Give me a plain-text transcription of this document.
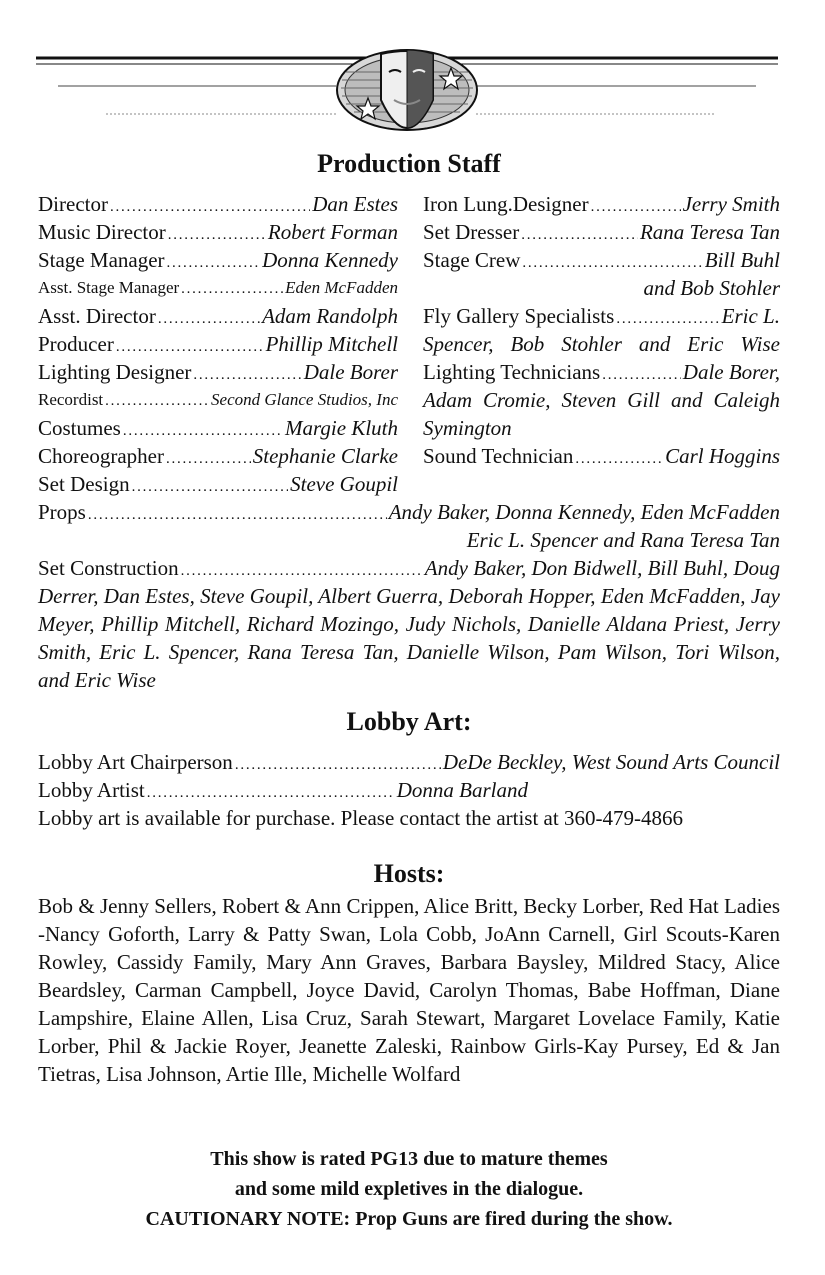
Production Staff
Director . . .	Dan Estes
Music Director . . .	Robert Forman
Stage Manager . . .	Donna Kennedy
Asst. Stage Manager . . .	Eden McFadden
Asst. Director . . .	Adam Randolph
Producer . . .	Phillip Mitchell
Lighting Designer . . .	Dale Borer
Recordist . . .	Second Glance Studios, Inc
Costumes . . .	Margie Kluth
Choreographer . . .	Stephanie Clarke
Set Design . . .	Steve Goupil
Iron Lung.Designer . . .	Jerry Smith
Set Dresser . . .	Rana Teresa Tan
Stage Crew . . .	Bill Buhl
and Bob Stohler
Fly Gallery Specialists . . .	Eric L.
Spencer, Bob Stohler and Eric Wise
Lighting Technicians . . .	Dale Borer,
Adam Cromie, Steven Gill and Caleigh
Symington
Sound Technician . . .	Carl Hoggins
Props . . .	Andy Baker, Donna Kennedy, Eden McFadden
Eric L. Spencer and Rana Teresa Tan
Set Construction . . .	Andy Baker, Don Bidwell, Bill Buhl, Doug
Derrer, Dan Estes, Steve Goupil, Albert Guerra, Deborah Hopper, Eden McFadden, Jay Meyer, Phillip Mitchell, Richard Mozingo, Judy Nichols, Danielle Aldana Priest, Jerry Smith, Eric L. Spencer, Rana Teresa Tan, Danielle Wilson, Pam Wilson, Tori Wilson, and Eric Wise
Lobby Art:
Lobby Art Chairperson . . .	DeDe Beckley, West Sound Arts Council
Lobby Artist . . .	Donna Barland
Lobby art is available for purchase. Please contact the artist at 360-479-4866
Hosts:
Bob & Jenny Sellers, Robert & Ann Crippen, Alice Britt, Becky Lorber, Red Hat Ladies -Nancy Goforth, Larry & Patty Swan, Lola Cobb, JoAnn Carnell, Girl Scouts-Karen Rowley, Cassidy Family, Mary Ann Graves, Barbara Baysley, Mildred Stacy, Alice Beardsley, Carman Campbell, Joyce David, Carolyn Thomas, Babe Hoffman, Diane Lampshire, Elaine Allen, Lisa Cruz, Sarah Stewart, Margaret Lovelace Family, Katie Lorber, Phil & Jackie Royer, Jeanette Zaleski, Rainbow Girls-Kay Pursey, Ed & Jan Tietras, Lisa Johnson, Artie Ille, Michelle Wolfard
This show is rated PG13 due to mature themes
and some mild expletives in the dialogue.
CAUTIONARY NOTE: Prop Guns are fired during the show.
